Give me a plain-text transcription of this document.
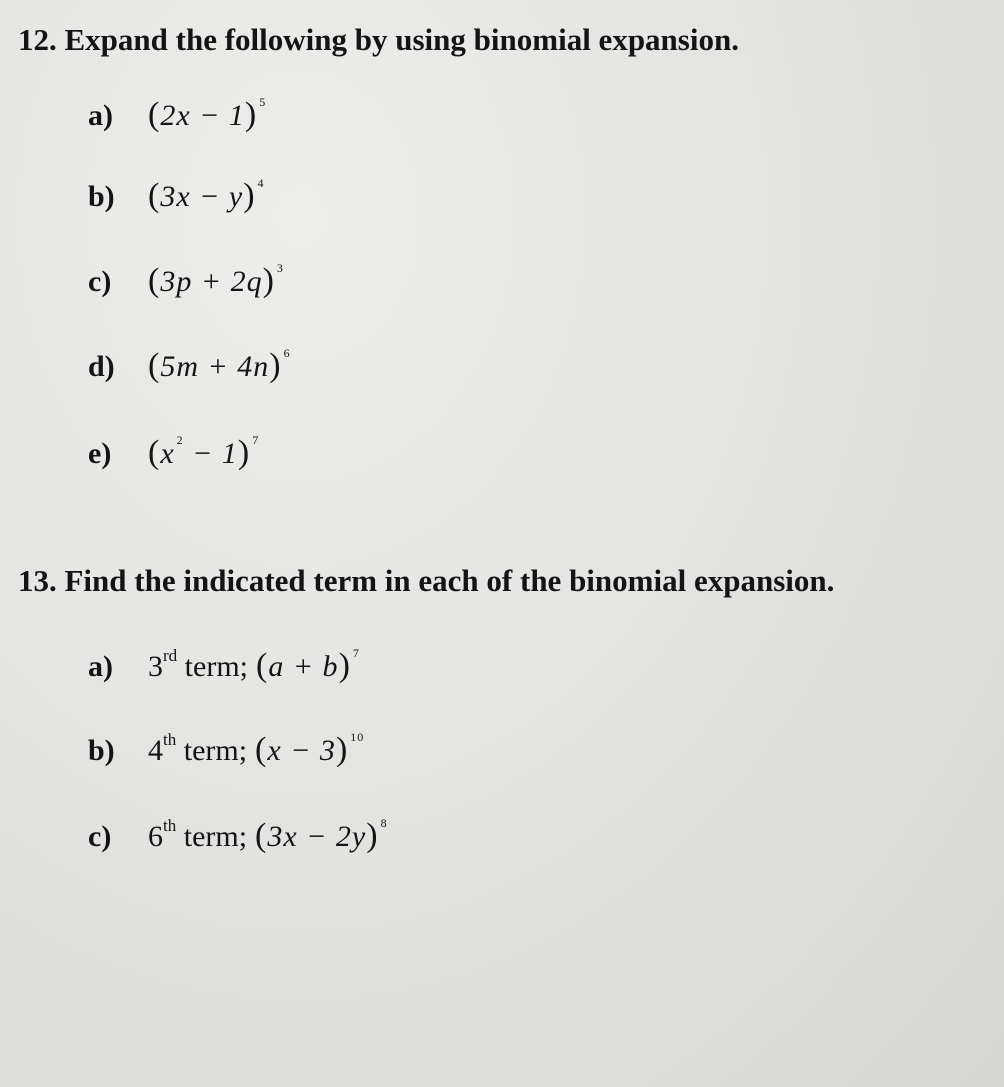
12. Expand the following by using binomial expansion.
a)	(2x − 1) $^5$
b) (3x − y) $^4$
c)	(3p + 2q) $^3$
d) (5m + 4n) $^6$
e)	(x $^2$ − 1) $^7$
13. Find the indicated term in each of the binomial expansion.
a)	3rd term; (a + b) $^7$
b)	4th term; (x − 3) $^{10}$
c)	6th term; (3x − 2y) $^8$
